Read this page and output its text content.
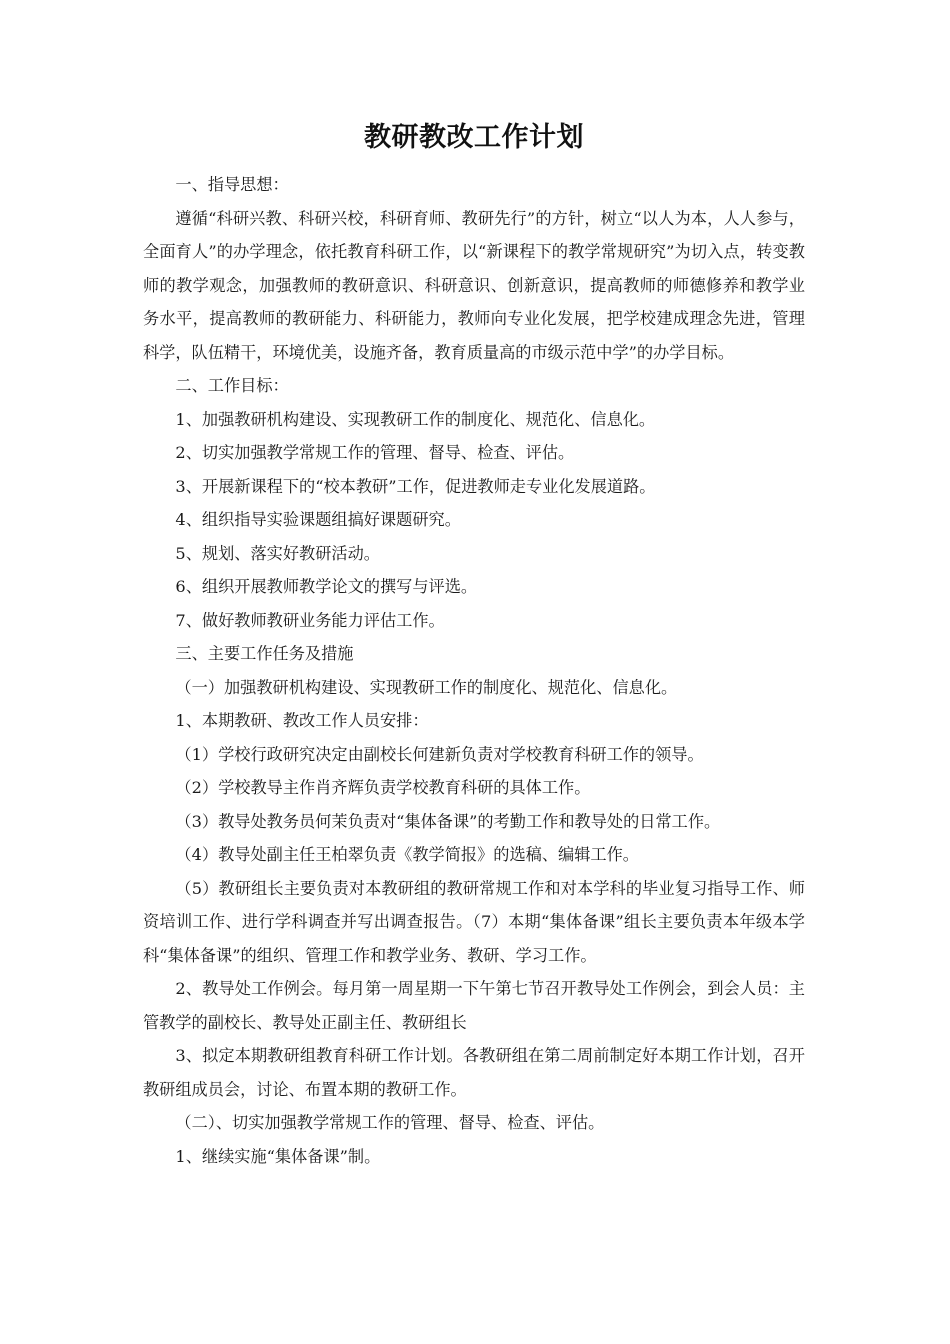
教研教改工作计划

一、指导思想：

遵循“科研兴教、科研兴校，科研育师、教研先行”的方针，树立“以人为本，人人参与，全面育人”的办学理念，依托教育科研工作，以“新课程下的教学常规研究”为切入点，转变教师的教学观念，加强教师的教研意识、科研意识、创新意识，提高教师的师德修养和教学业务水平，提高教师的教研能力、科研能力，教师向专业化发展，把学校建成理念先进，管理科学，队伍精干，环境优美，设施齐备，教育质量高的市级示范中学”的办学目标。

二、工作目标：

1、加强教研机构建设、实现教研工作的制度化、规范化、信息化。

2、切实加强教学常规工作的管理、督导、检查、评估。

3、开展新课程下的“校本教研”工作，促进教师走专业化发展道路。

4、组织指导实验课题组搞好课题研究。

5、规划、落实好教研活动。

6、组织开展教师教学论文的撰写与评选。

7、做好教师教研业务能力评估工作。

三、主要工作任务及措施

（一）加强教研机构建设、实现教研工作的制度化、规范化、信息化。

1、本期教研、教改工作人员安排：

（1）学校行政研究决定由副校长何建新负责对学校教育科研工作的领导。

（2）学校教导主作肖齐辉负责学校教育科研的具体工作。

（3）教导处教务员何茉负责对“集体备课”的考勤工作和教导处的日常工作。

（4）教导处副主任王柏翠负责《教学简报》的选稿、编辑工作。

（5）教研组长主要负责对本教研组的教研常规工作和对本学科的毕业复习指导工作、师资培训工作、进行学科调查并写出调查报告。（7）本期“集体备课”组长主要负责本年级本学科“集体备课”的组织、管理工作和教学业务、教研、学习工作。

2、教导处工作例会。每月第一周星期一下午第七节召开教导处工作例会，到会人员：主管教学的副校长、教导处正副主任、教研组长

3、拟定本期教研组教育科研工作计划。各教研组在第二周前制定好本期工作计划，召开教研组成员会，讨论、布置本期的教研工作。

（二）、切实加强教学常规工作的管理、督导、检查、评估。

1、继续实施“集体备课”制。
